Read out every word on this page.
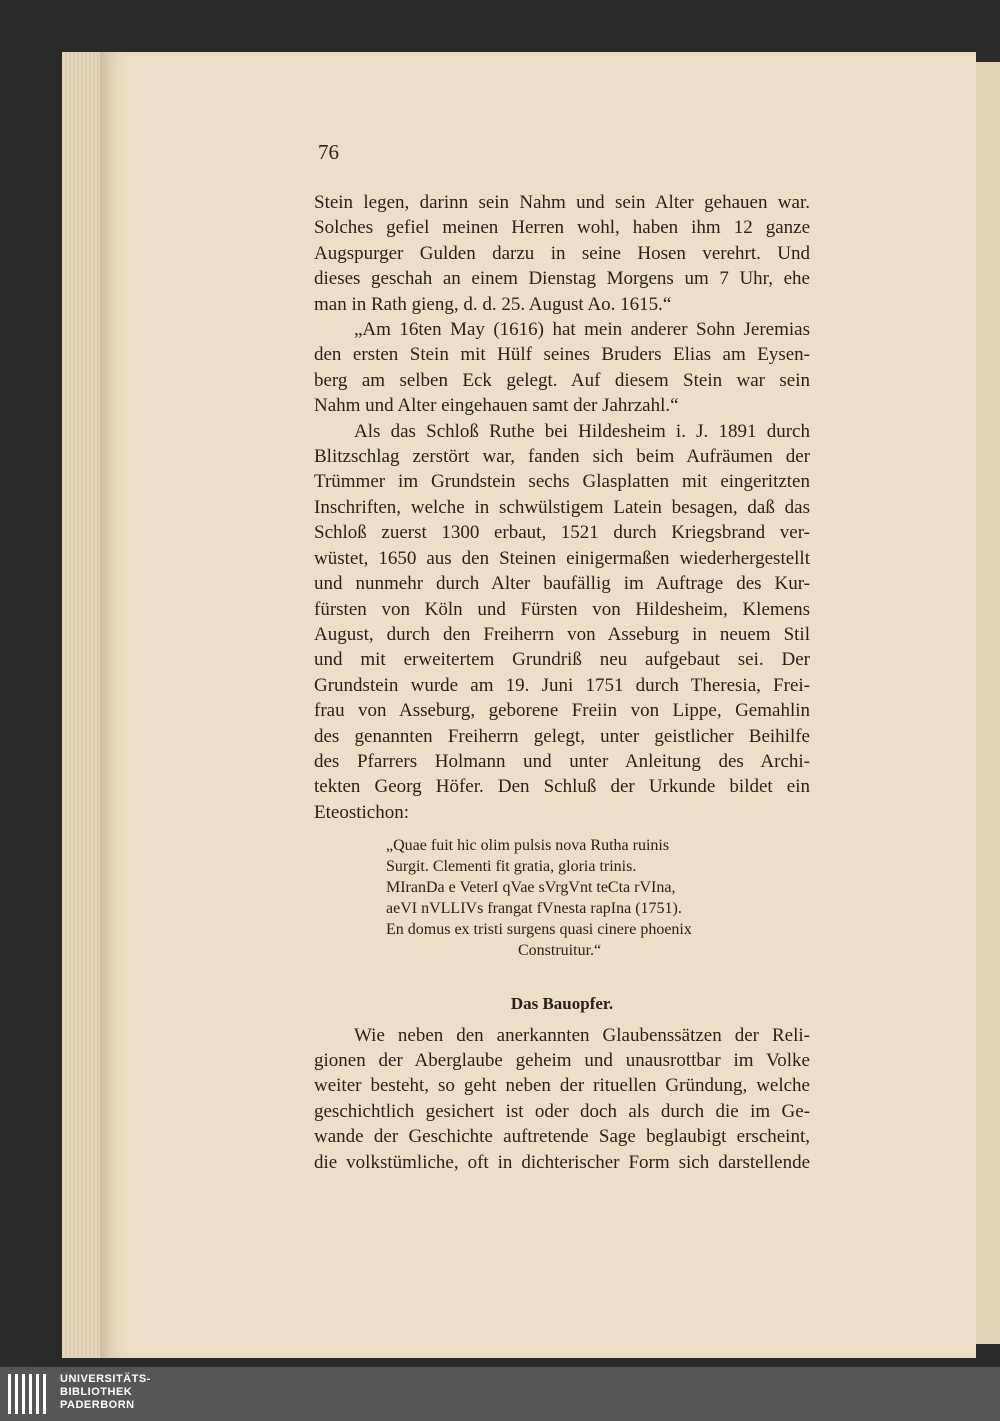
76

Stein legen, darinn sein Nahm und sein Alter gehauen war.
Solches gefiel meinen Herren wohl, haben ihm 12 ganze
Augspurger Gulden darzu in seine Hosen verehrt. Und
dieses geschah an einem Dienstag Morgens um 7 Uhr, ehe
man in Rath gieng, d. d. 25. August Ao. 1615.“

„Am 16ten May (1616) hat mein anderer Sohn Jeremias
den ersten Stein mit Hülf seines Bruders Elias am Eysen-
berg am selben Eck gelegt. Auf diesem Stein war sein
Nahm und Alter eingehauen samt der Jahrzahl.“

Als das Schloß Ruthe bei Hildesheim i. J. 1891 durch
Blitzschlag zerstört war, fanden sich beim Aufräumen der
Trümmer im Grundstein sechs Glasplatten mit eingeritzten
Inschriften, welche in schwülstigem Latein besagen, daß das
Schloß zuerst 1300 erbaut, 1521 durch Kriegsbrand ver-
wüstet, 1650 aus den Steinen einigermaßen wiederhergestellt
und nunmehr durch Alter baufällig im Auftrage des Kur-
fürsten von Köln und Fürsten von Hildesheim, Klemens
August, durch den Freiherrn von Asseburg in neuem Stil
und mit erweitertem Grundriß neu aufgebaut sei. Der
Grundstein wurde am 19. Juni 1751 durch Theresia, Frei-
frau von Asseburg, geborene Freiin von Lippe, Gemahlin
des genannten Freiherrn gelegt, unter geistlicher Beihilfe
des Pfarrers Holmann und unter Anleitung des Archi-
tekten Georg Höfer. Den Schluß der Urkunde bildet ein
Eteostichon:

„Quae fuit hic olim pulsis nova Rutha ruinis
Surgit. Clementi fit gratia, gloria trinis.
MIranDa e VeterI qVae sVrgVnt teCta rVIna,
aeVI nVLLIVs frangat fVnesta rapIna (1751).
En domus ex tristi surgens quasi cinere phoenix
Construitur.“
Das Bauopfer.

Wie neben den anerkannten Glaubenssätzen der Reli-
gionen der Aberglaube geheim und unausrottbar im Volke
weiter besteht, so geht neben der rituellen Gründung, welche
geschichtlich gesichert ist oder doch als durch die im Ge-
wande der Geschichte auftretende Sage beglaubigt erscheint,
die volkstümliche, oft in dichterischer Form sich darstellende

UNIVERSITÄTS-
BIBLIOTHEK
PADERBORN
